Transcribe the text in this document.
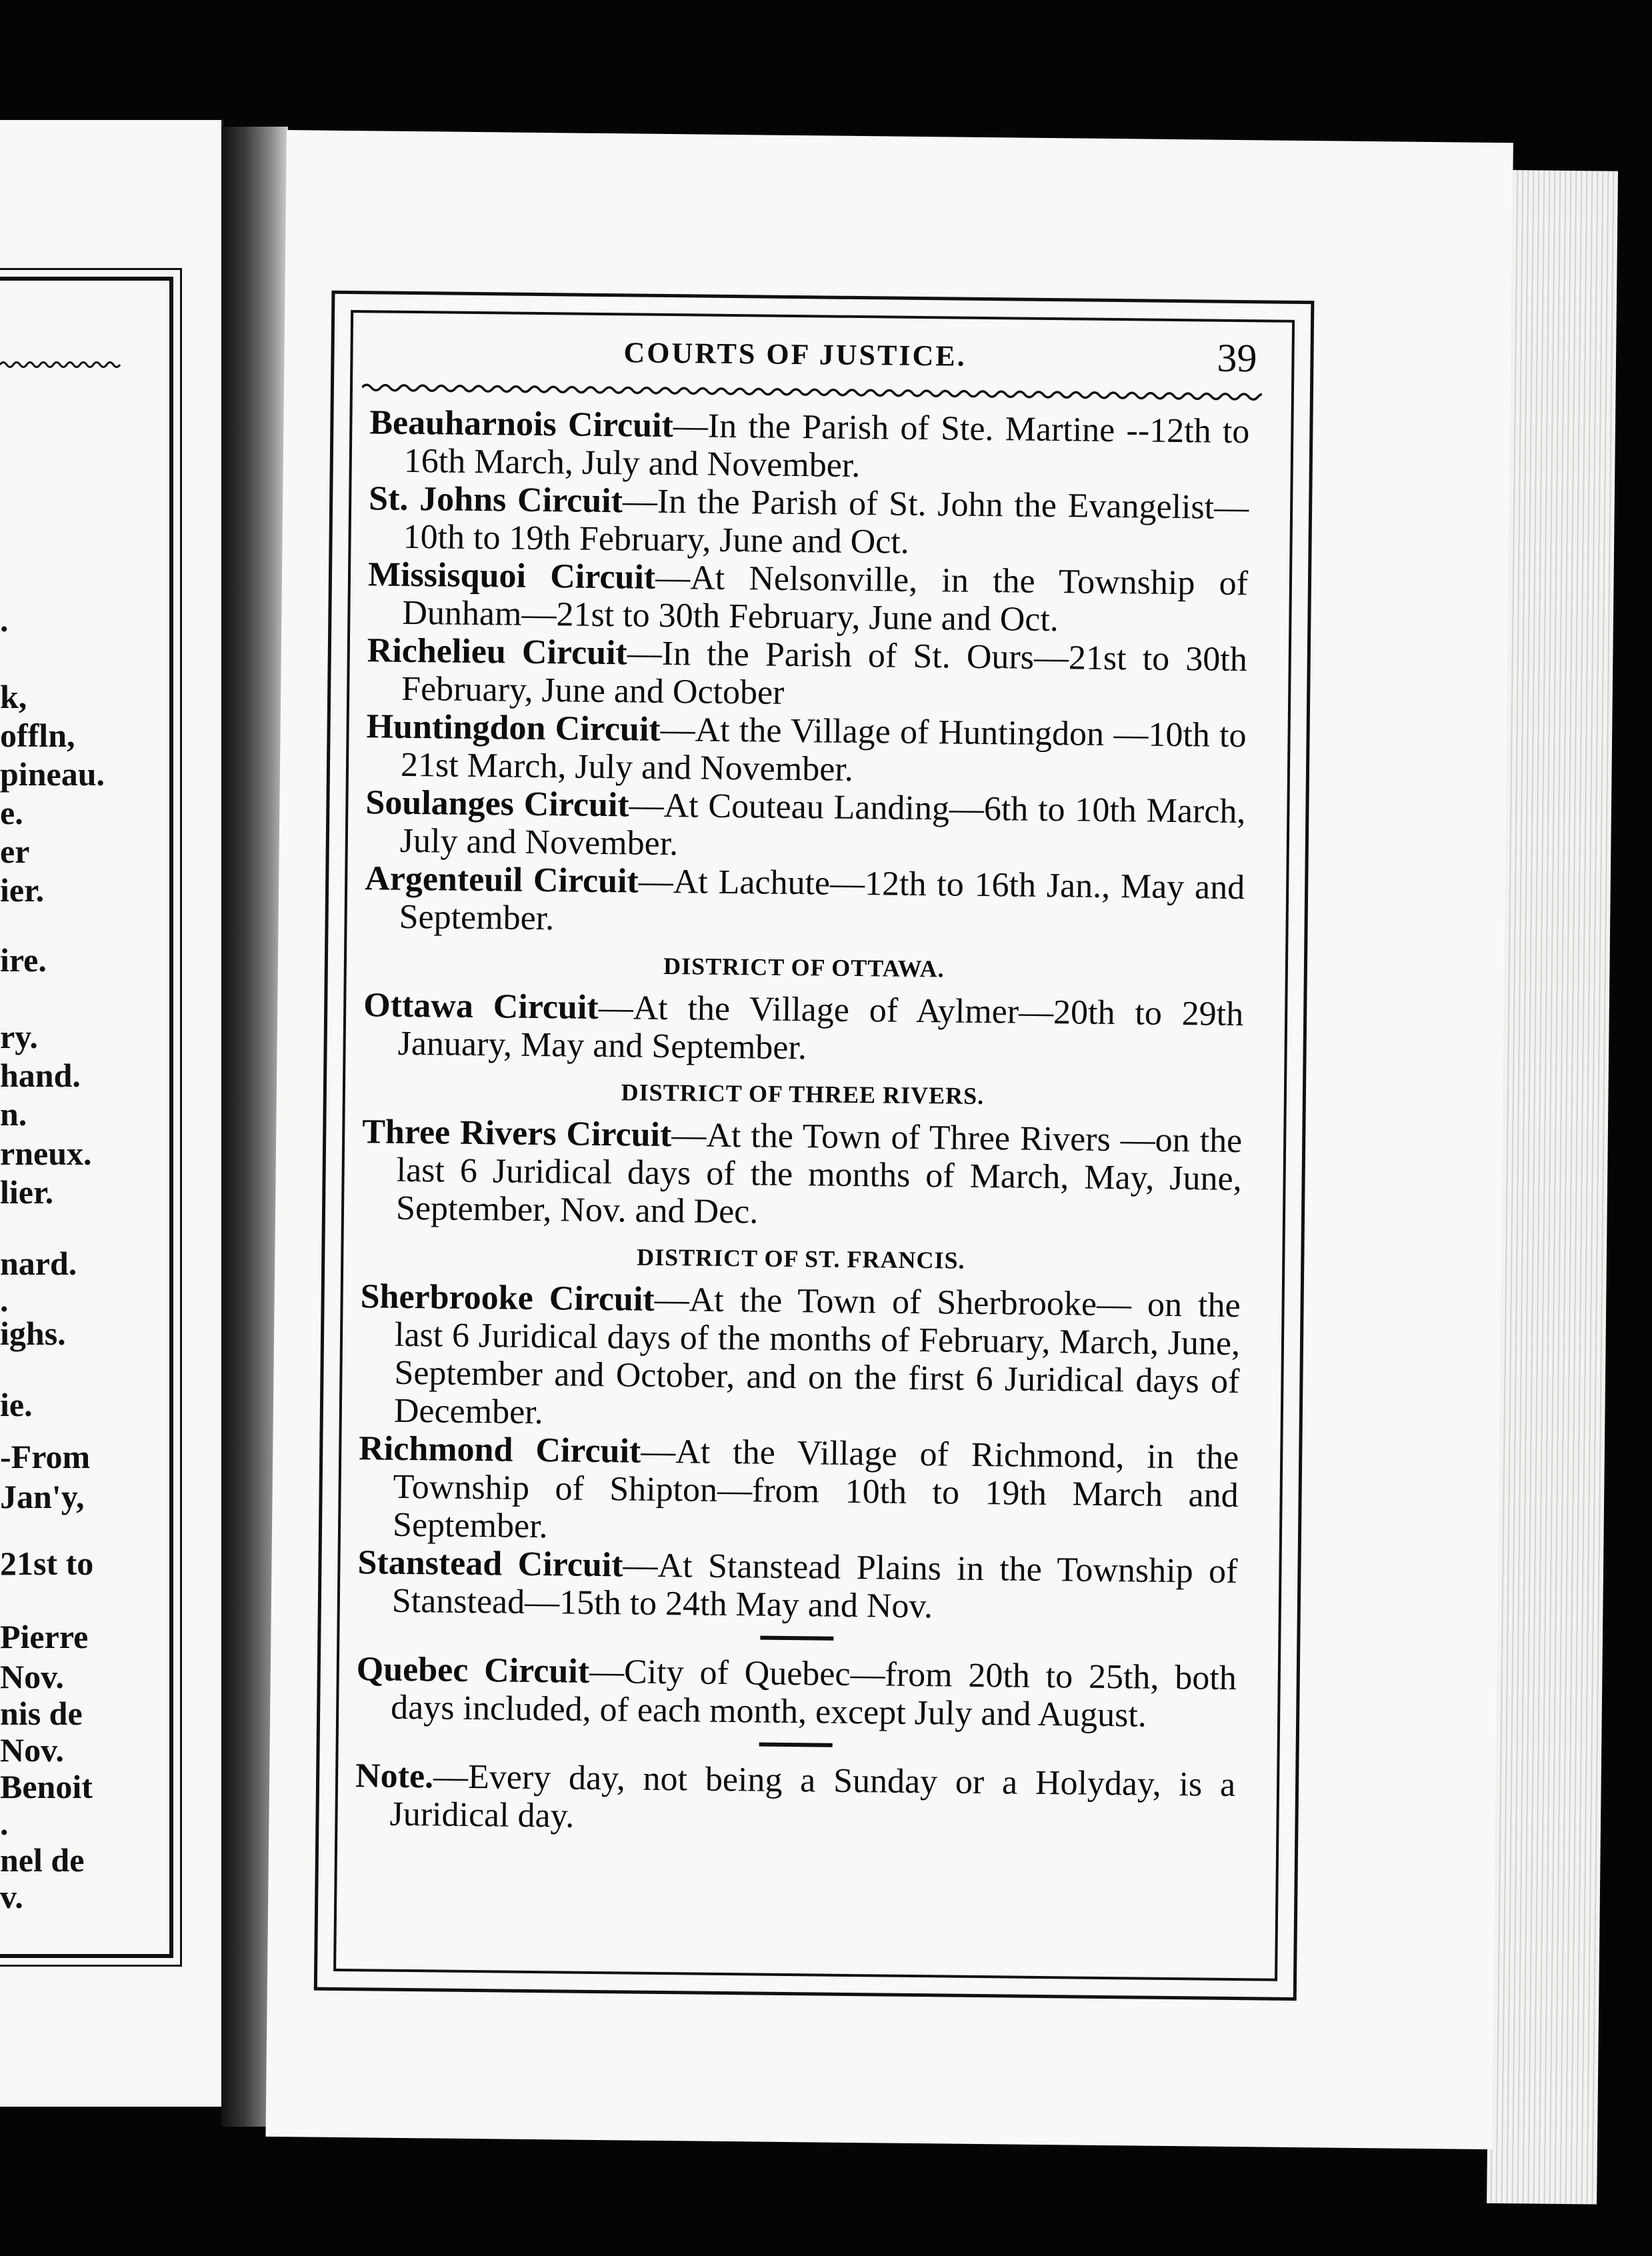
.
k,
offln,
pineau.
e.
er
ier.
ire.
ry.
hand.
n.
rneux.
lier.
nard.
.
ighs.
ie.
-From
Jan'y,
21st to
Pierre
Nov.
nis de
Nov.
Benoit
.
nel de
v.
COURTS OF JUSTICE.	39

Beauharnois Circuit—In the Parish of Ste. Martine --12th to 16th March, July and November.

St. Johns Circuit—In the Parish of St. John the Evangelist—10th to 19th February, June and Oct.

Missisquoi Circuit—At Nelsonville, in the Township of Dunham—21st to 30th February, June and Oct.

Richelieu Circuit—In the Parish of St. Ours—21st to 30th February, June and October

Huntingdon Circuit—At the Village of Huntingdon —10th to 21st March, July and November.

Soulanges Circuit—At Couteau Landing—6th to 10th March, July and November.

Argenteuil Circuit—At Lachute—12th to 16th Jan., May and September.

DISTRICT OF OTTAWA.

Ottawa Circuit—At the Village of Aylmer—20th to 29th January, May and September.

DISTRICT OF THREE RIVERS.

Three Rivers Circuit—At the Town of Three Rivers —on the last 6 Juridical days of the months of March, May, June, September, Nov. and Dec.

DISTRICT OF ST. FRANCIS.

Sherbrooke Circuit—At the Town of Sherbrooke— on the last 6 Juridical days of the months of February, March, June, September and October, and on the first 6 Juridical days of December.

Richmond Circuit—At the Village of Richmond, in the Township of Shipton—from 10th to 19th March and September.

Stanstead Circuit—At Stanstead Plains in the Township of Stanstead—15th to 24th May and Nov.

Quebec Circuit—City of Quebec—from 20th to 25th, both days included, of each month, except July and August.

Note.—Every day, not being a Sunday or a Holyday, is a Juridical day.
